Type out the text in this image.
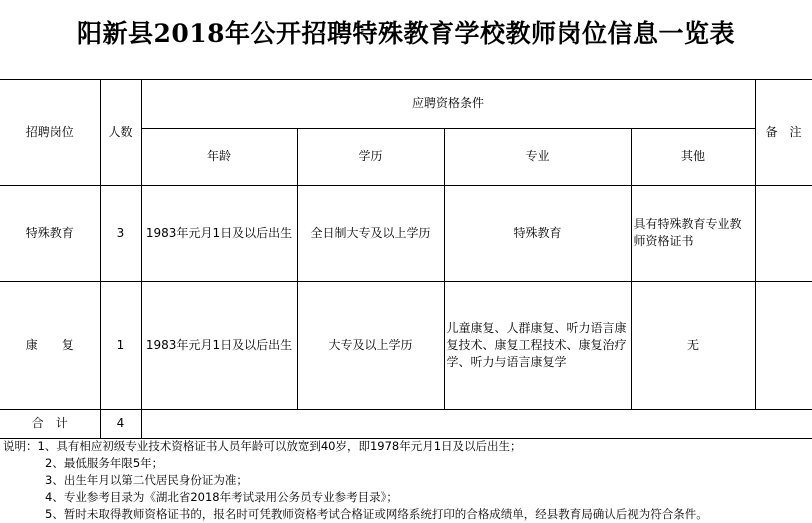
阳新县2018年公开招聘特殊教育学校教师岗位信息一览表
招聘岗位	人数	应聘资格条件				备　注
		年龄	学历	专业	其他	
特殊教育	3	1983年元月1日及以后出生	全日制大专及以上学历	特殊教育	具有特殊教育专业教师资格证书	
康　　复	1	1983年元月1日及以后出生	大专及以上学历	儿童康复、人群康复、听力语言康复技术、康复工程技术、康复治疗学、听力与语言康复学	无	
合　计	4					
说明：1、具有相应初级专业技术资格证书人员年龄可以放宽到40岁，即1978年元月1日及以后出生；
2、最低服务年限5年；
3、出生年月以第二代居民身份证为准；
4、专业参考目录为《湖北省2018年考试录用公务员专业参考目录》；
5、暂时未取得教师资格证书的，报名时可凭教师资格考试合格证或网络系统打印的合格成绩单，经县教育局确认后视为符合条件。
